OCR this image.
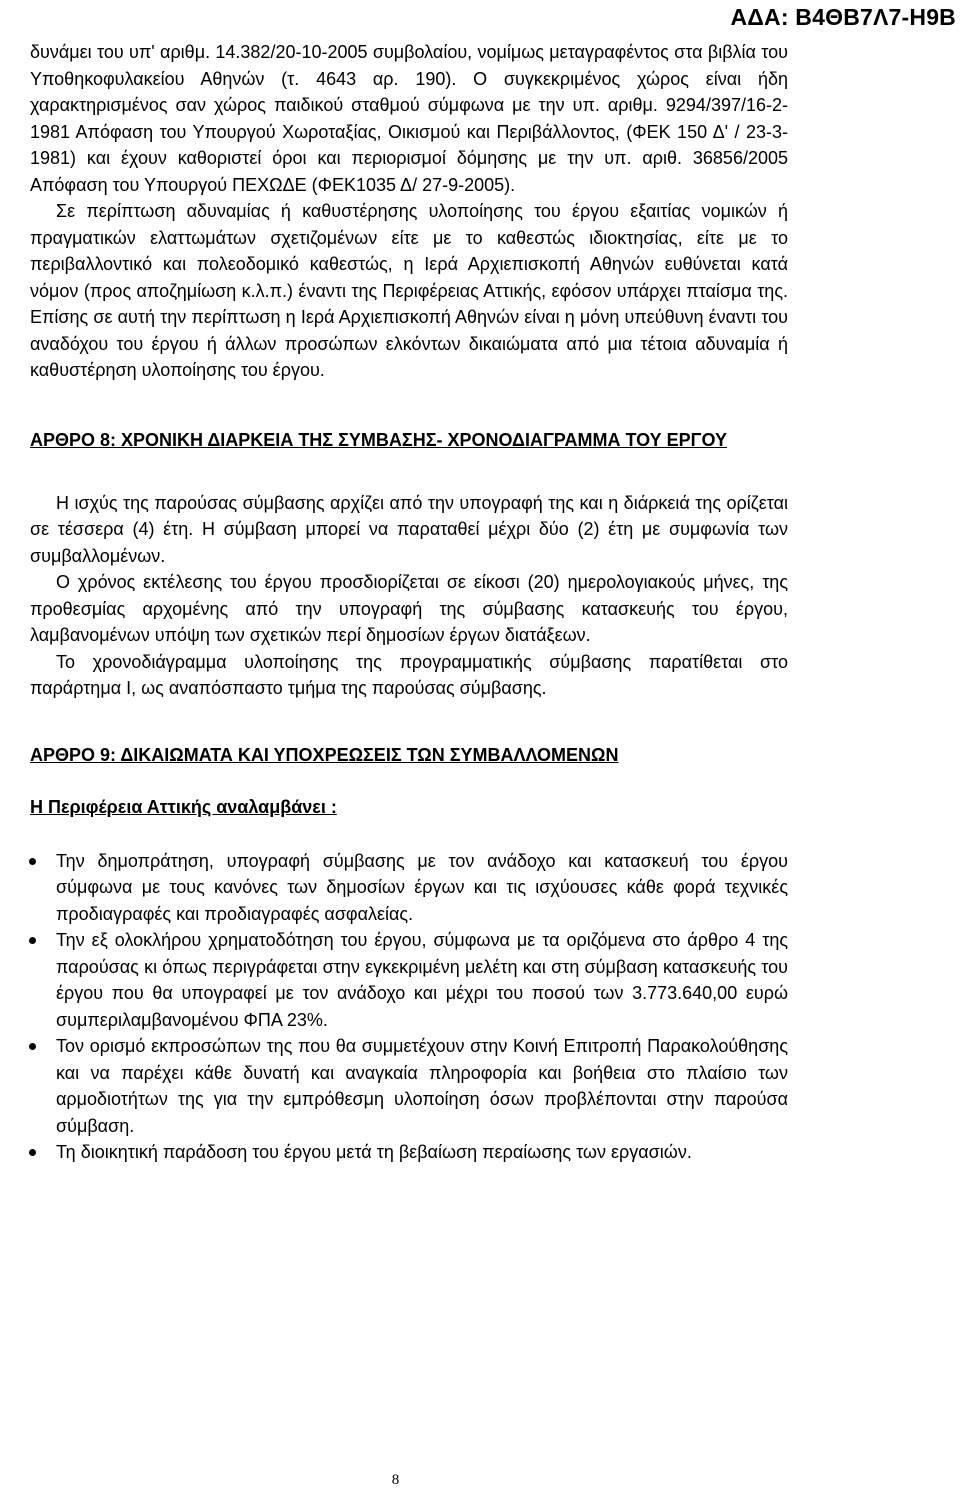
ΑΔΑ: Β4ΘΒ7Λ7-Η9Β

δυνάμει του υπ' αριθμ. 14.382/20-10-2005 συμβολαίου, νομίμως μεταγραφέντος στα βιβλία του Υποθηκοφυλακείου Αθηνών (τ. 4643 αρ. 190). Ο συγκεκριμένος χώρος είναι ήδη χαρακτηρισμένος σαν χώρος παιδικού σταθμού σύμφωνα με την υπ. αριθμ. 9294/397/16-2-1981 Απόφαση του Υπουργού Χωροταξίας, Οικισμού και Περιβάλλοντος, (ΦΕΚ 150 Δ' / 23-3-1981) και έχουν καθοριστεί όροι και περιορισμοί δόμησης με την υπ. αριθ. 36856/2005 Απόφαση του Υπουργού ΠΕΧΩΔΕ (ΦΕΚ1035 Δ/ 27-9-2005).

Σε περίπτωση αδυναμίας ή καθυστέρησης υλοποίησης του έργου εξαιτίας νομικών ή πραγματικών ελαττωμάτων σχετιζομένων είτε με το καθεστώς ιδιοκτησίας, είτε με το περιβαλλοντικό και πολεοδομικό καθεστώς, η Ιερά Αρχιεπισκοπή Αθηνών ευθύνεται κατά νόμον (προς αποζημίωση κ.λ.π.) έναντι της Περιφέρειας Αττικής, εφόσον υπάρχει πταίσμα της. Επίσης σε αυτή την περίπτωση η Ιερά Αρχιεπισκοπή Αθηνών είναι η μόνη υπεύθυνη έναντι του αναδόχου του έργου ή άλλων προσώπων ελκόντων δικαιώματα από μια τέτοια αδυναμία ή καθυστέρηση υλοποίησης του έργου.

ΑΡΘΡΟ 8: ΧΡΟΝΙΚΗ ΔΙΑΡΚΕΙΑ ΤΗΣ ΣΥΜΒΑΣΗΣ- ΧΡΟΝΟΔΙΑΓΡΑΜΜΑ ΤΟΥ ΕΡΓΟΥ

Η ισχύς της παρούσας σύμβασης αρχίζει από την υπογραφή της και η διάρκειά της ορίζεται σε τέσσερα (4) έτη. Η σύμβαση μπορεί να παραταθεί μέχρι δύο (2) έτη με συμφωνία των συμβαλλομένων.

Ο χρόνος εκτέλεσης του έργου προσδιορίζεται σε είκοσι (20) ημερολογιακούς μήνες, της προθεσμίας αρχομένης από την υπογραφή της σύμβασης κατασκευής του έργου, λαμβανομένων υπόψη των σχετικών περί δημοσίων έργων διατάξεων.

Το χρονοδιάγραμμα υλοποίησης της προγραμματικής σύμβασης παρατίθεται στο παράρτημα Ι, ως αναπόσπαστο τμήμα της παρούσας σύμβασης.

ΑΡΘΡΟ 9: ΔΙΚΑΙΩΜΑΤΑ ΚΑΙ ΥΠΟΧΡΕΩΣΕΙΣ ΤΩΝ ΣΥΜΒΑΛΛΟΜΕΝΩΝ

Η Περιφέρεια Αττικής αναλαμβάνει :

Την δημοπράτηση, υπογραφή σύμβασης με τον ανάδοχο και κατασκευή του έργου σύμφωνα με τους κανόνες των δημοσίων έργων και τις ισχύουσες κάθε φορά τεχνικές προδιαγραφές και προδιαγραφές ασφαλείας.
Την εξ ολοκλήρου χρηματοδότηση του έργου, σύμφωνα με τα οριζόμενα στο άρθρο 4 της παρούσας κι όπως περιγράφεται στην εγκεκριμένη μελέτη και στη σύμβαση κατασκευής του έργου που θα υπογραφεί με τον ανάδοχο και μέχρι του ποσού των 3.773.640,00 ευρώ συμπεριλαμβανομένου ΦΠΑ 23%.
Τον ορισμό εκπροσώπων της που θα συμμετέχουν στην Κοινή Επιτροπή Παρακολούθησης και να παρέχει κάθε δυνατή και αναγκαία πληροφορία και βοήθεια στο πλαίσιο των αρμοδιοτήτων της για την εμπρόθεσμη υλοποίηση όσων προβλέπονται στην παρούσα σύμβαση.
Τη διοικητική παράδοση του έργου μετά τη βεβαίωση περαίωσης των εργασιών.
8
